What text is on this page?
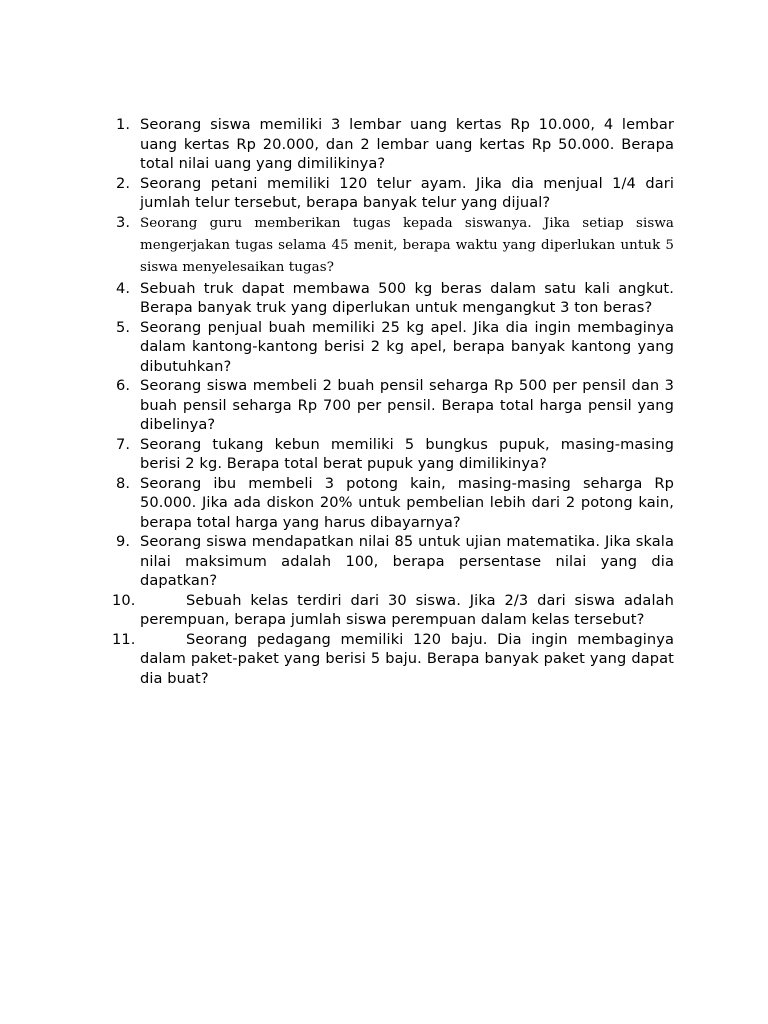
1. Seorang siswa memiliki 3 lembar uang kertas Rp 10.000, 4 lembar uang kertas Rp 20.000, dan 2 lembar uang kertas Rp 50.000. Berapa total nilai uang yang dimilikinya?
2. Seorang petani memiliki 120 telur ayam. Jika dia menjual 1/4 dari jumlah telur tersebut, berapa banyak telur yang dijual?
3. Seorang guru memberikan tugas kepada siswanya. Jika setiap siswa mengerjakan tugas selama 45 menit, berapa waktu yang diperlukan untuk 5 siswa menyelesaikan tugas?
4. Sebuah truk dapat membawa 500 kg beras dalam satu kali angkut. Berapa banyak truk yang diperlukan untuk mengangkut 3 ton beras?
5. Seorang penjual buah memiliki 25 kg apel. Jika dia ingin membaginya dalam kantong-kantong berisi 2 kg apel, berapa banyak kantong yang dibutuhkan?
6. Seorang siswa membeli 2 buah pensil seharga Rp 500 per pensil dan 3 buah pensil seharga Rp 700 per pensil. Berapa total harga pensil yang dibelinya?
7. Seorang tukang kebun memiliki 5 bungkus pupuk, masing-masing berisi 2 kg. Berapa total berat pupuk yang dimilikinya?
8. Seorang ibu membeli 3 potong kain, masing-masing seharga Rp 50.000. Jika ada diskon 20% untuk pembelian lebih dari 2 potong kain, berapa total harga yang harus dibayarnya?
9. Seorang siswa mendapatkan nilai 85 untuk ujian matematika. Jika skala nilai maksimum adalah 100, berapa persentase nilai yang dia dapatkan?
10.	Sebuah kelas terdiri dari 30 siswa. Jika 2/3 dari siswa adalah perempuan, berapa jumlah siswa perempuan dalam kelas tersebut?
11.	Seorang pedagang memiliki 120 baju. Dia ingin membaginya dalam paket-paket yang berisi 5 baju. Berapa banyak paket yang dapat dia buat?
